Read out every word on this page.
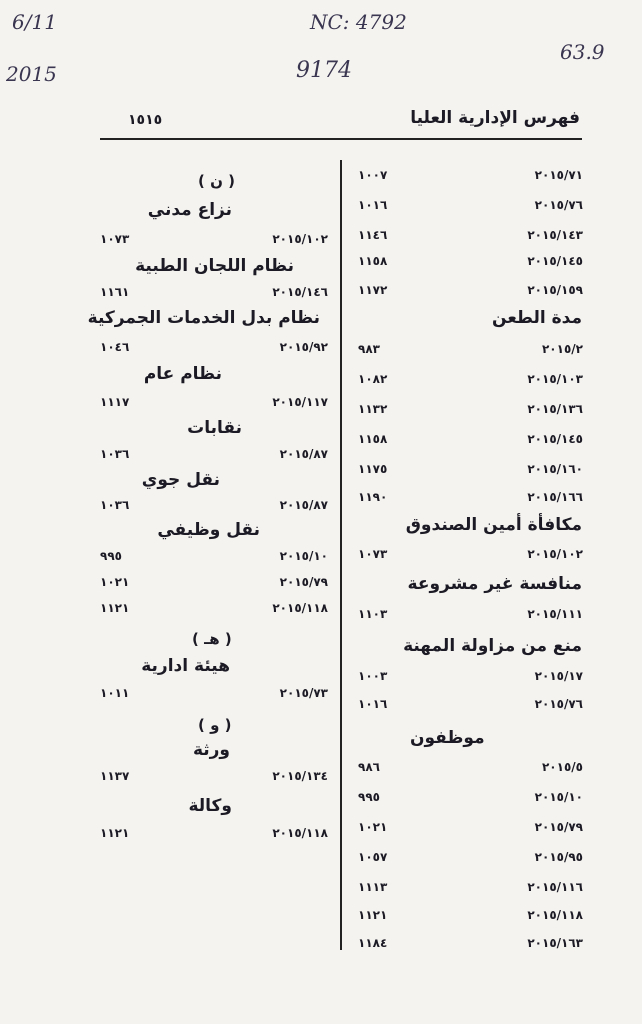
6/11
2015
NC: 4792
9174
63.9
فهرس الإدارية العليا
١٥١٥
١٠٠٧	٢٠١٥/٧١
١٠١٦	٢٠١٥/٧٦
١١٤٦	٢٠١٥/١٤٣
١١٥٨	٢٠١٥/١٤٥
١١٧٢	٢٠١٥/١٥٩
مدة الطعن
٩٨٣	٢٠١٥/٢
١٠٨٢	٢٠١٥/١٠٣
١١٣٢	٢٠١٥/١٣٦
١١٥٨	٢٠١٥/١٤٥
١١٧٥	٢٠١٥/١٦٠
١١٩٠	٢٠١٥/١٦٦
مكافأة أمين الصندوق
١٠٧٣	٢٠١٥/١٠٢
منافسة غير مشروعة
١١٠٣	٢٠١٥/١١١
منع من مزاولة المهنة
١٠٠٣	٢٠١٥/١٧
١٠١٦	٢٠١٥/٧٦
موظفون
٩٨٦	٢٠١٥/٥
٩٩٥	٢٠١٥/١٠
١٠٢١	٢٠١٥/٧٩
١٠٥٧	٢٠١٥/٩٥
١١١٣	٢٠١٥/١١٦
١١٢١	٢٠١٥/١١٨
١١٨٤	٢٠١٥/١٦٣
( ن )
نزاع مدني
١٠٧٣	٢٠١٥/١٠٢
نظام اللجان الطبية
١١٦١	٢٠١٥/١٤٦
نظام بدل الخدمات الجمركية
١٠٤٦	٢٠١٥/٩٢
نظام عام
١١١٧	٢٠١٥/١١٧
نقابات
١٠٣٦	٢٠١٥/٨٧
نقل جوي
١٠٣٦	٢٠١٥/٨٧
نقل وظيفي
٩٩٥	٢٠١٥/١٠
١٠٢١	٢٠١٥/٧٩
١١٢١	٢٠١٥/١١٨
( هـ )
هيئة ادارية
١٠١١	٢٠١٥/٧٣
( و )
ورثة
١١٣٧	٢٠١٥/١٣٤
وكالة
١١٢١	٢٠١٥/١١٨
